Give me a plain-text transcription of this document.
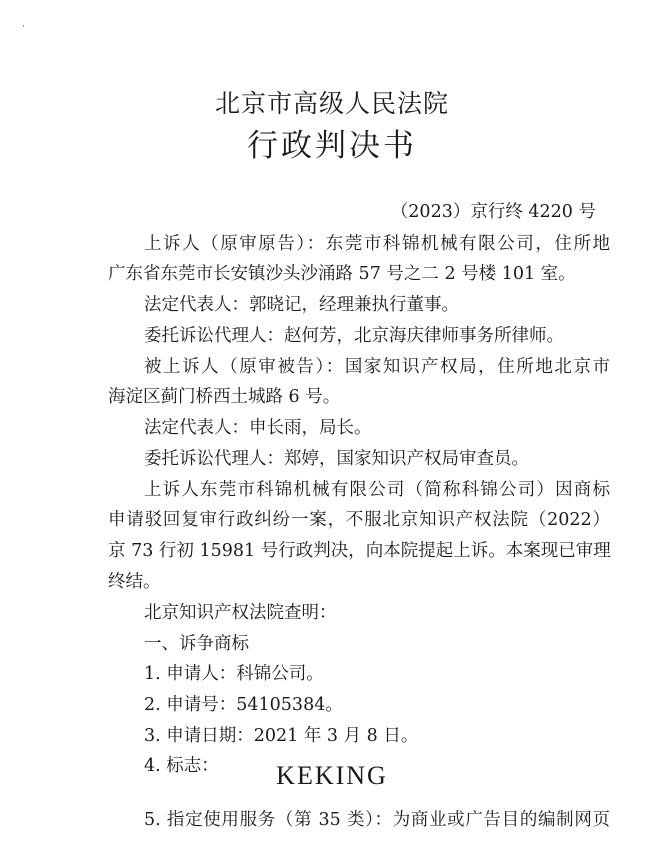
·
北京市高级人民法院
行政判决书
（2023）京行终 4220 号
上诉人（原审原告）：东莞市科锦机械有限公司，住所地
广东省东莞市长安镇沙头沙涌路 57 号之二 2 号楼 101 室。
法定代表人：郭晓记，经理兼执行董事。
委托诉讼代理人：赵何芳，北京海庆律师事务所律师。
被上诉人（原审被告）：国家知识产权局，住所地北京市
海淀区蓟门桥西土城路 6 号。
法定代表人：申长雨，局长。
委托诉讼代理人：郑婷，国家知识产权局审查员。
上诉人东莞市科锦机械有限公司（简称科锦公司）因商标
申请驳回复审行政纠纷一案，不服北京知识产权法院（2022）
京 73 行初 15981 号行政判决，向本院提起上诉。本案现已审理
终结。
北京知识产权法院查明：
一、诉争商标
1. 申请人：科锦公司。
2. 申请号：54105384。
3. 申请日期：2021 年 3 月 8 日。
4. 标志：	KEKING
5. 指定使用服务（第 35 类）：为商业或广告目的编制网页
